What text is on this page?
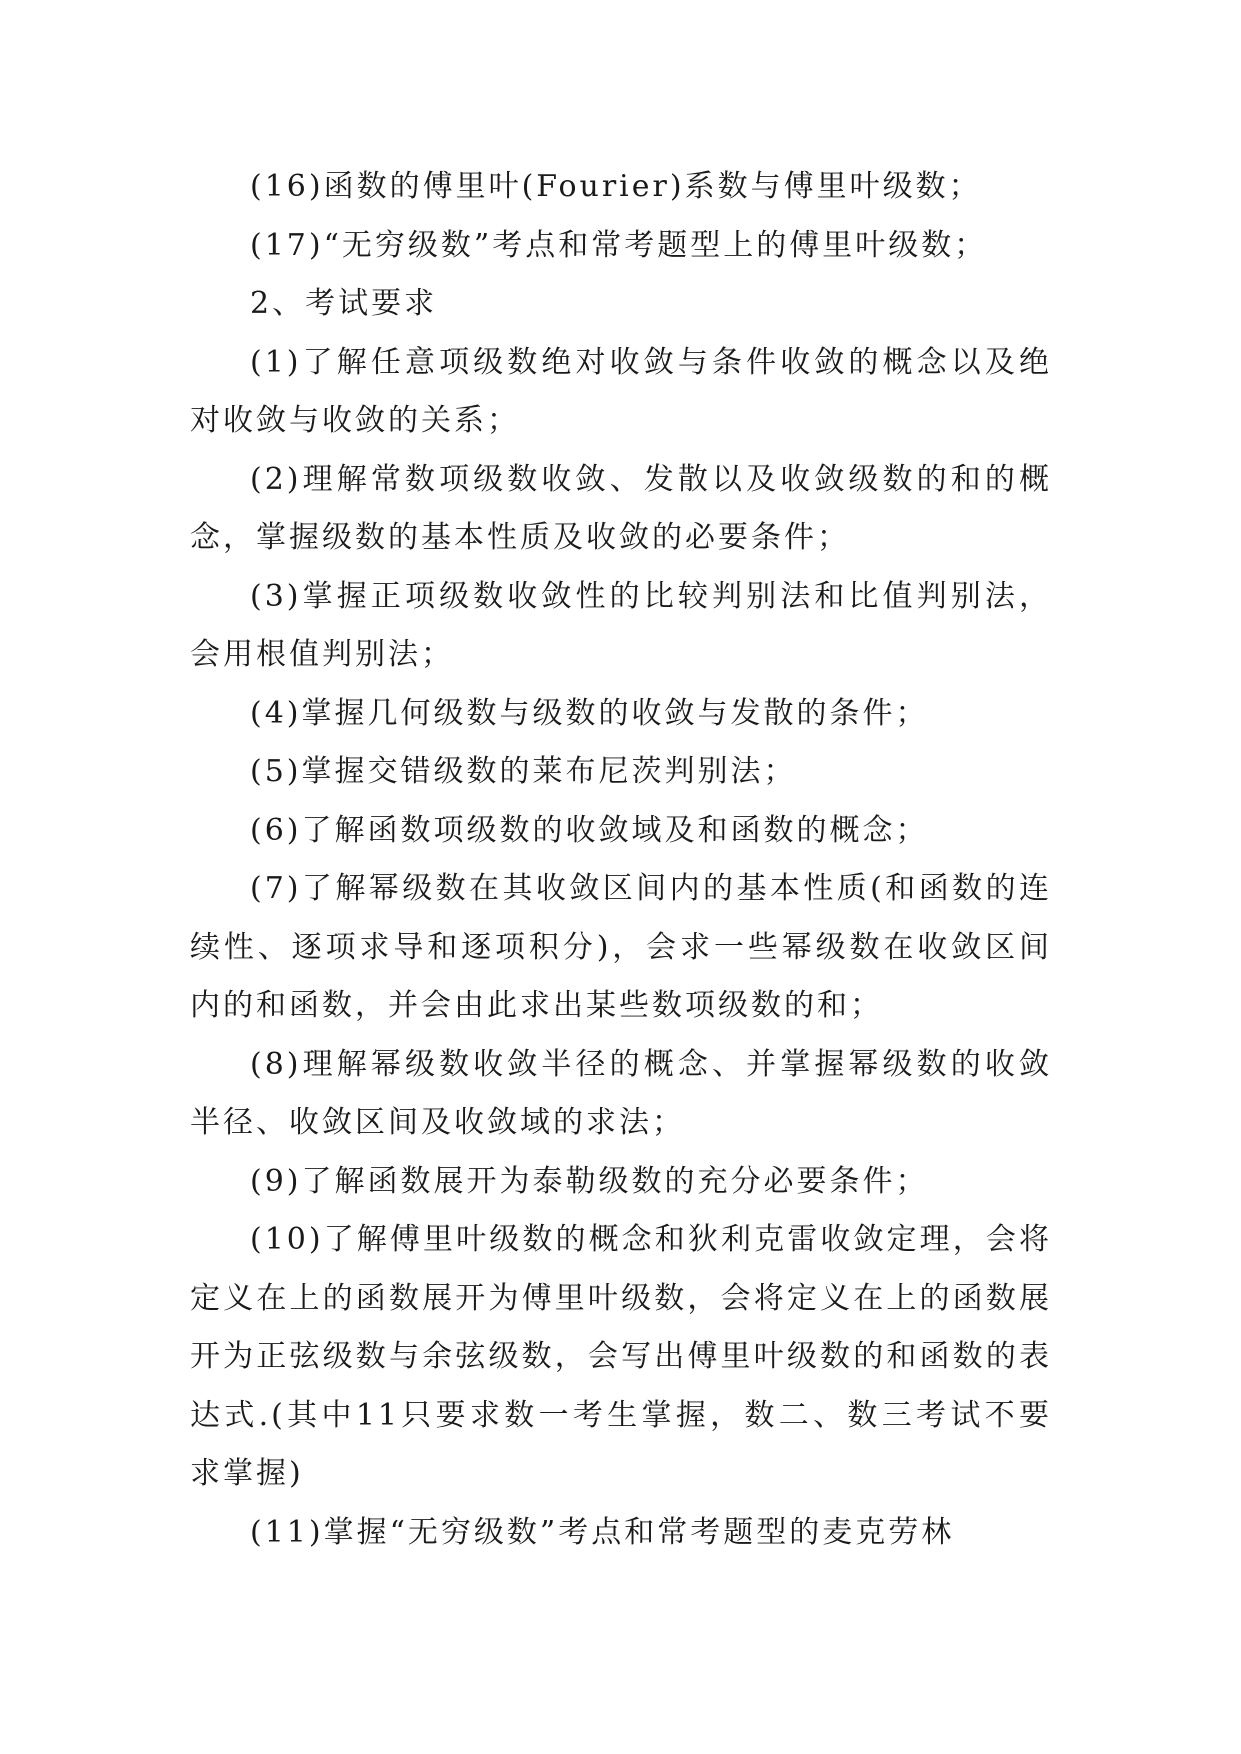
(16)函数的傅里叶(Fourier)系数与傅里叶级数；

(17)“无穷级数”考点和常考题型上的傅里叶级数；

2、考试要求

(1)了解任意项级数绝对收敛与条件收敛的概念以及绝对收敛与收敛的关系；

(2)理解常数项级数收敛、发散以及收敛级数的和的概念，掌握级数的基本性质及收敛的必要条件；

(3)掌握正项级数收敛性的比较判别法和比值判别法，会用根值判别法；

(4)掌握几何级数与级数的收敛与发散的条件；

(5)掌握交错级数的莱布尼茨判别法；

(6)了解函数项级数的收敛域及和函数的概念；

(7)了解幂级数在其收敛区间内的基本性质(和函数的连续性、逐项求导和逐项积分)，会求一些幂级数在收敛区间内的和函数，并会由此求出某些数项级数的和；

(8)理解幂级数收敛半径的概念、并掌握幂级数的收敛半径、收敛区间及收敛域的求法；

(9)了解函数展开为泰勒级数的充分必要条件；

(10)了解傅里叶级数的概念和狄利克雷收敛定理，会将定义在上的函数展开为傅里叶级数，会将定义在上的函数展开为正弦级数与余弦级数，会写出傅里叶级数的和函数的表达式.(其中11只要求数一考生掌握，数二、数三考试不要求掌握)

(11)掌握“无穷级数”考点和常考题型的麦克劳林
